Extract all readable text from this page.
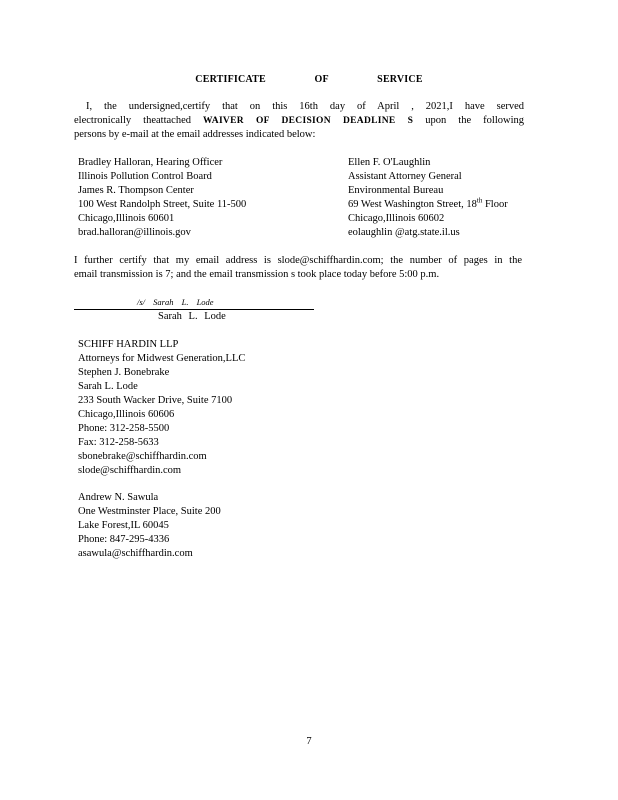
CERTIFICATE OF SERVICE

I, the undersigned,certify that on this 16th day of April , 2021,I have served

electronically theattached WAIVER OF DECISION DEADLINE S upon the following

persons by e-mail at the email addresses indicated below:

Bradley Halloran, Hearing Officer
Illinois Pollution Control Board
James R. Thompson Center
100 West Randolph Street, Suite 11-500
Chicago,Illinois 60601
brad.halloran@illinois.gov
Ellen F. O'Laughlin
Assistant Attorney General
Environmental Bureau
69 West Washington Street, 18th Floor
Chicago,Illinois 60602
eolaughlin @atg.state.il.us

I further certify that my email address is slode@schiffhardin.com; the number of pages in the

email transmission is 7; and the email transmission s took place today before 5:00 p.m.

/s/ Sarah L. Lode
Sarah L. Lode
SCHIFF HARDIN LLP
Attorneys for Midwest Generation,LLC
Stephen J. Bonebrake
Sarah L. Lode
233 South Wacker Drive, Suite 7100
Chicago,Illinois 60606
Phone: 312-258-5500
Fax: 312-258-5633
sbonebrake@schiffhardin.com
slode@schiffhardin.com
Andrew N. Sawula
One Westminster Place, Suite 200
Lake Forest,IL 60045
Phone: 847-295-4336
asawula@schiffhardin.com
7
